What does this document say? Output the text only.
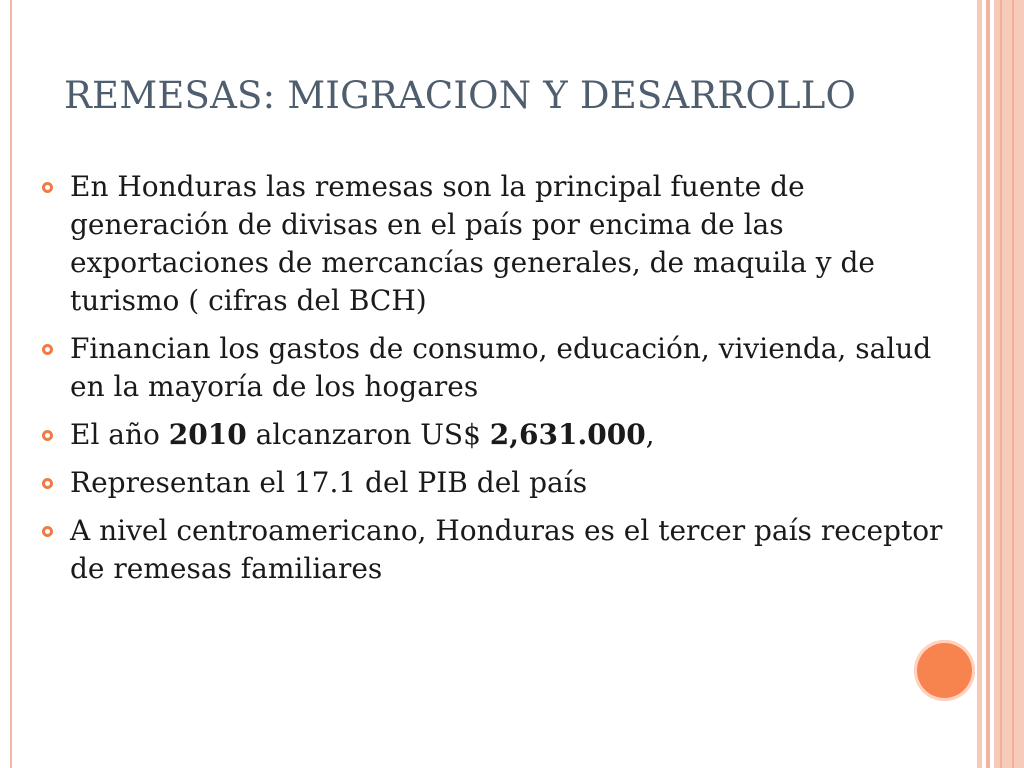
REMESAS: MIGRACION Y DESARROLLO
En Honduras las remesas son la principal fuente de generación de divisas en el país por encima de las exportaciones de mercancías generales, de maquila y de turismo ( cifras del BCH)
Financian los gastos de consumo, educación, vivienda, salud en la mayoría de los hogares
El año 2010 alcanzaron US$ 2,631.000,
Representan el 17.1 del PIB del país
A nivel centroamericano, Honduras es el tercer país receptor de remesas familiares
